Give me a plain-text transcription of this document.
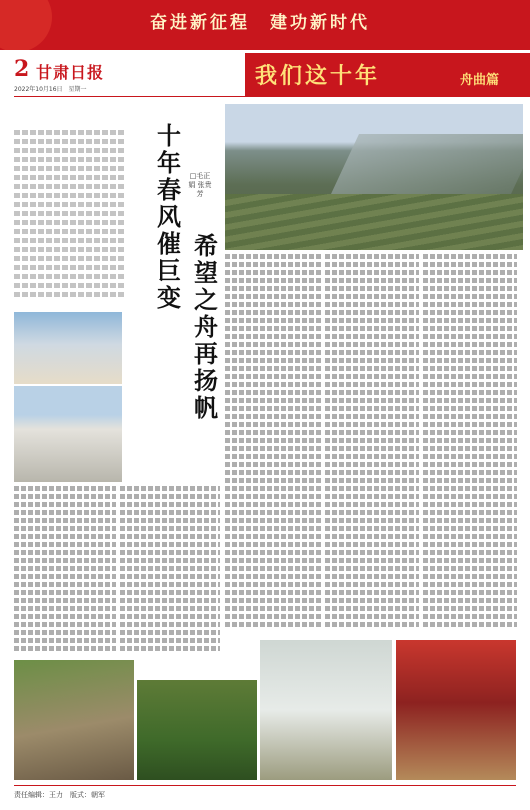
奋进新征程　建功新时代
2 甘肃日报
2022年10月16日　星期一
我们这十年	舟曲篇
十年春风催巨变
希望之舟再扬帆
□毛正娟 张贵芳
责任编辑：王力　版式：朝军
